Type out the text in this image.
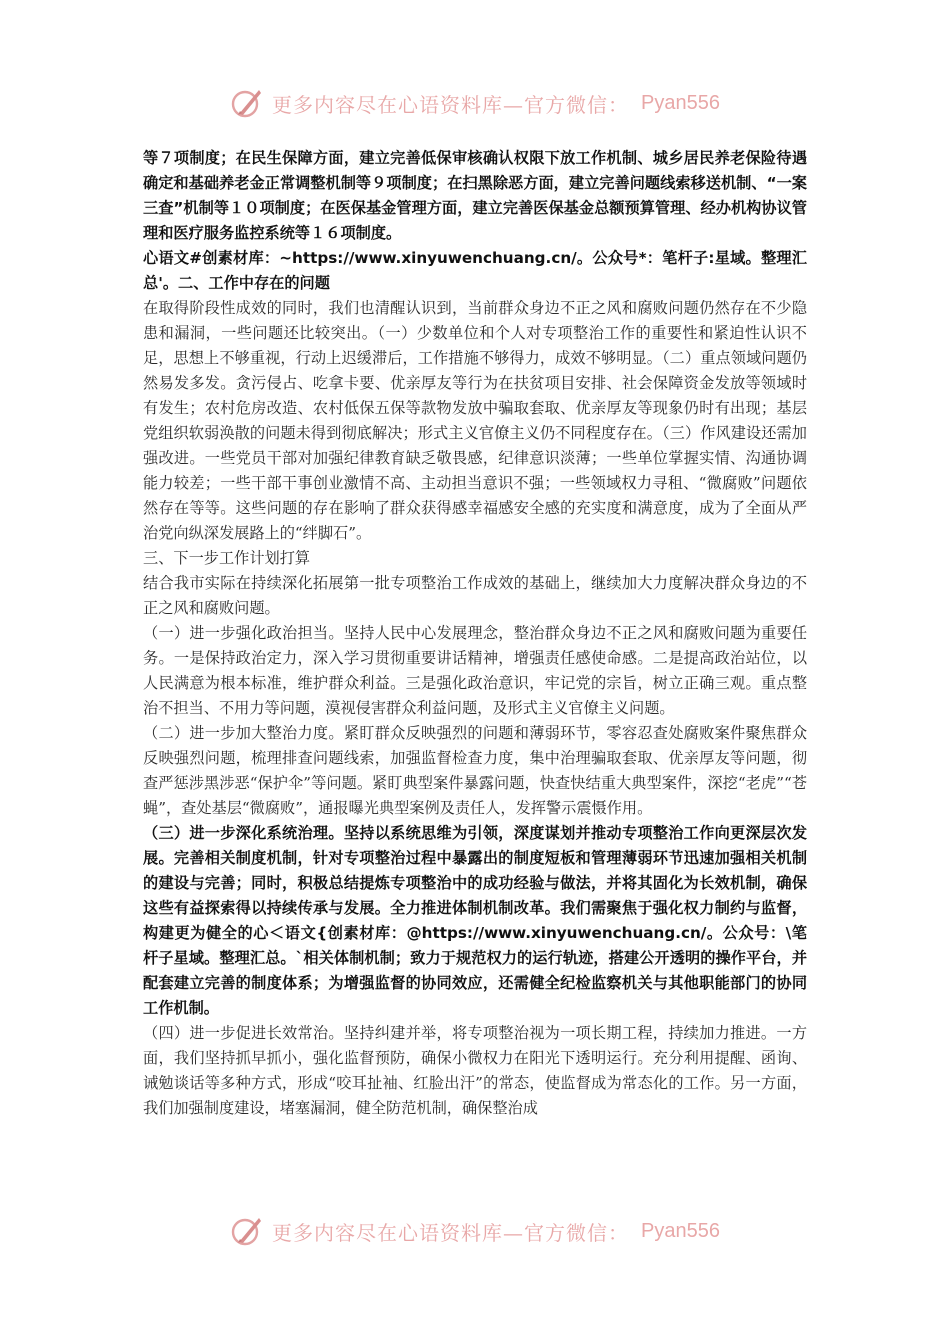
更多内容尽在心语资料库—官方微信： Pyan556

等７项制度；在民生保障方面，建立完善低保审核确认权限下放工作机制、城乡居民养老保险待遇确定和基础养老金正常调整机制等９项制度；在扫黑除恶方面，建立完善问题线索移送机制、“一案三查”机制等１０项制度；在医保基金管理方面，建立完善医保基金总额预算管理、经办机构协议管理和医疗服务监控系统等１６项制度。

心语文#创素材库：~https://www.xinyuwenchuang.cn/。公众号*：笔杆子:星域。整理汇总'。二、工作中存在的问题

在取得阶段性成效的同时，我们也清醒认识到，当前群众身边不正之风和腐败问题仍然存在不少隐患和漏洞，一些问题还比较突出。（一）少数单位和个人对专项整治工作的重要性和紧迫性认识不足，思想上不够重视，行动上迟缓滞后，工作措施不够得力，成效不够明显。（二）重点领域问题仍然易发多发。贪污侵占、吃拿卡要、优亲厚友等行为在扶贫项目安排、社会保障资金发放等领域时有发生；农村危房改造、农村低保五保等款物发放中骗取套取、优亲厚友等现象仍时有出现；基层党组织软弱涣散的问题未得到彻底解决；形式主义官僚主义仍不同程度存在。（三）作风建设还需加强改进。一些党员干部对加强纪律教育缺乏敬畏感，纪律意识淡薄；一些单位掌握实情、沟通协调能力较差；一些干部干事创业激情不高、主动担当意识不强；一些领域权力寻租、“微腐败”问题依然存在等等。这些问题的存在影响了群众获得感幸福感安全感的充实度和满意度，成为了全面从严治党向纵深发展路上的“绊脚石”。

三、下一步工作计划打算

结合我市实际在持续深化拓展第一批专项整治工作成效的基础上，继续加大力度解决群众身边的不正之风和腐败问题。

（一）进一步强化政治担当。坚持人民中心发展理念，整治群众身边不正之风和腐败问题为重要任务。一是保持政治定力，深入学习贯彻重要讲话精神，增强责任感使命感。二是提高政治站位，以人民满意为根本标准，维护群众利益。三是强化政治意识，牢记党的宗旨，树立正确三观。重点整治不担当、不用力等问题，漠视侵害群众利益问题，及形式主义官僚主义问题。

（二）进一步加大整治力度。紧盯群众反映强烈的问题和薄弱环节，零容忍查处腐败案件聚焦群众反映强烈问题，梳理排查问题线索，加强监督检查力度，集中治理骗取套取、优亲厚友等问题，彻查严惩涉黑涉恶“保护伞”等问题。紧盯典型案件暴露问题，快查快结重大典型案件，深挖“老虎”“苍蝇”，查处基层“微腐败”，通报曝光典型案例及责任人，发挥警示震慑作用。

（三）进一步深化系统治理。坚持以系统思维为引领，深度谋划并推动专项整治工作向更深层次发展。完善相关制度机制，针对专项整治过程中暴露出的制度短板和管理薄弱环节迅速加强相关机制的建设与完善；同时，积极总结提炼专项整治中的成功经验与做法，并将其固化为长效机制，确保这些有益探索得以持续传承与发展。全力推进体制机制改革。我们需聚焦于强化权力制约与监督，构建更为健全的心＜语文{创素材库：@https://www.xinyuwenchuang.cn/。公众号：\笔杆子星域。整理汇总。`相关体制机制；致力于规范权力的运行轨迹，搭建公开透明的操作平台，并配套建立完善的制度体系；为增强监督的协同效应，还需健全纪检监察机关与其他职能部门的协同工作机制。

（四）进一步促进长效常治。坚持纠建并举，将专项整治视为一项长期工程，持续加力推进。一方面，我们坚持抓早抓小，强化监督预防，确保小微权力在阳光下透明运行。充分利用提醒、函询、诫勉谈话等多种方式，形成“咬耳扯袖、红脸出汗”的常态，使监督成为常态化的工作。另一方面，我们加强制度建设，堵塞漏洞，健全防范机制，确保整治成

更多内容尽在心语资料库—官方微信： Pyan556
